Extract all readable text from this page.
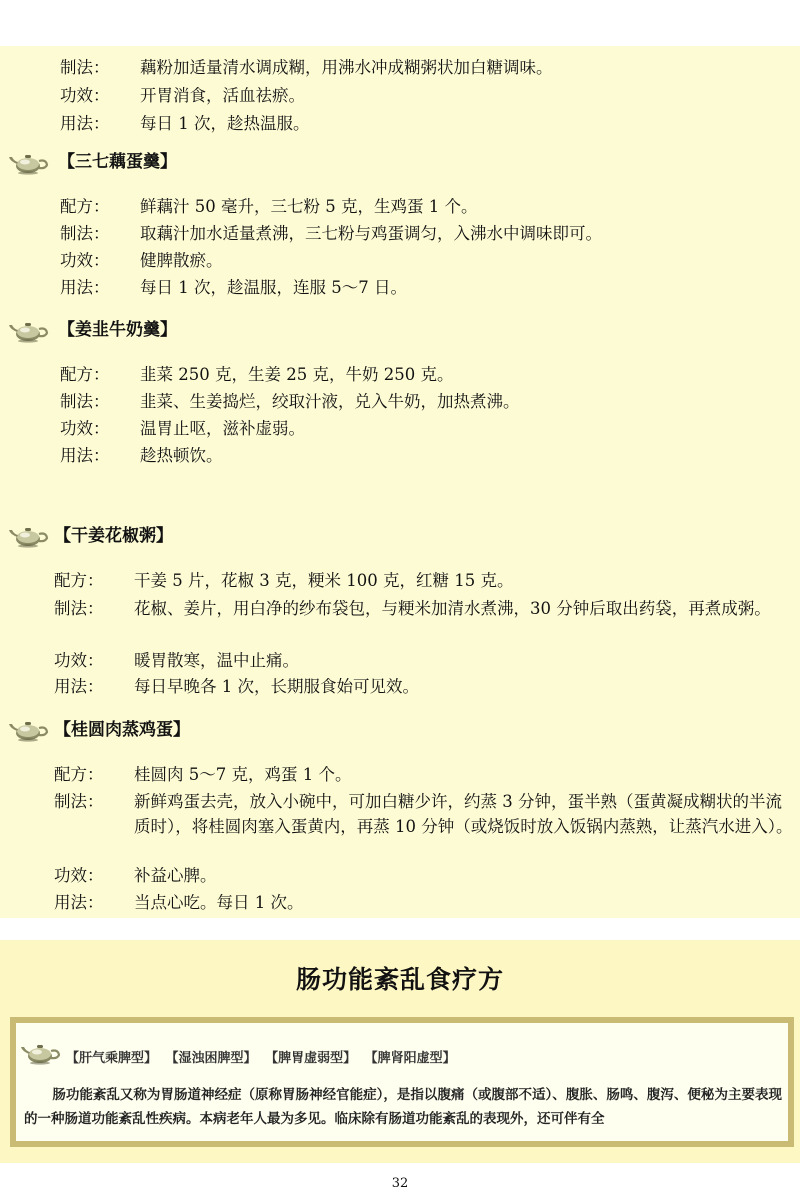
制法： 藕粉加适量清水调成糊，用沸水冲成糊粥状加白糖调味。
功效： 开胃消食，活血祛瘀。
用法： 每日 1 次，趁热温服。
【三七藕蛋羹】
配方： 鲜藕汁 50 毫升，三七粉 5 克，生鸡蛋 1 个。
制法： 取藕汁加水适量煮沸，三七粉与鸡蛋调匀，入沸水中调味即可。
功效： 健脾散瘀。
用法： 每日 1 次，趁温服，连服 5～7 日。
【姜韭牛奶羹】
配方： 韭菜 250 克，生姜 25 克，牛奶 250 克。
制法： 韭菜、生姜捣烂，绞取汁液，兑入牛奶，加热煮沸。
功效： 温胃止呕，滋补虚弱。
用法： 趁热顿饮。
【干姜花椒粥】
配方： 干姜 5 片，花椒 3 克，粳米 100 克，红糖 15 克。
制法： 花椒、姜片，用白净的纱布袋包，与粳米加清水煮沸，30 分钟后取出药袋，再煮成粥。
功效： 暖胃散寒，温中止痛。
用法： 每日早晚各 1 次，长期服食始可见效。
【桂圆肉蒸鸡蛋】
配方： 桂圆肉 5～7 克，鸡蛋 1 个。
制法： 新鲜鸡蛋去壳，放入小碗中，可加白糖少许，约蒸 3 分钟，蛋半熟（蛋黄凝成糊状的半流质时），将桂圆肉塞入蛋黄内，再蒸 10 分钟（或烧饭时放入饭锅内蒸熟，让蒸汽水进入）。
功效： 补益心脾。
用法： 当点心吃。每日 1 次。
肠功能紊乱食疗方
【肝气乘脾型】 【湿浊困脾型】 【脾胃虚弱型】 【脾肾阳虚型】
肠功能紊乱又称为胃肠道神经症（原称胃肠神经官能症），是指以腹痛（或腹部不适）、腹胀、肠鸣、腹泻、便秘为主要表现的一种肠道功能紊乱性疾病。本病老年人最为多见。临床除有肠道功能紊乱的表现外，还可伴有全
32
